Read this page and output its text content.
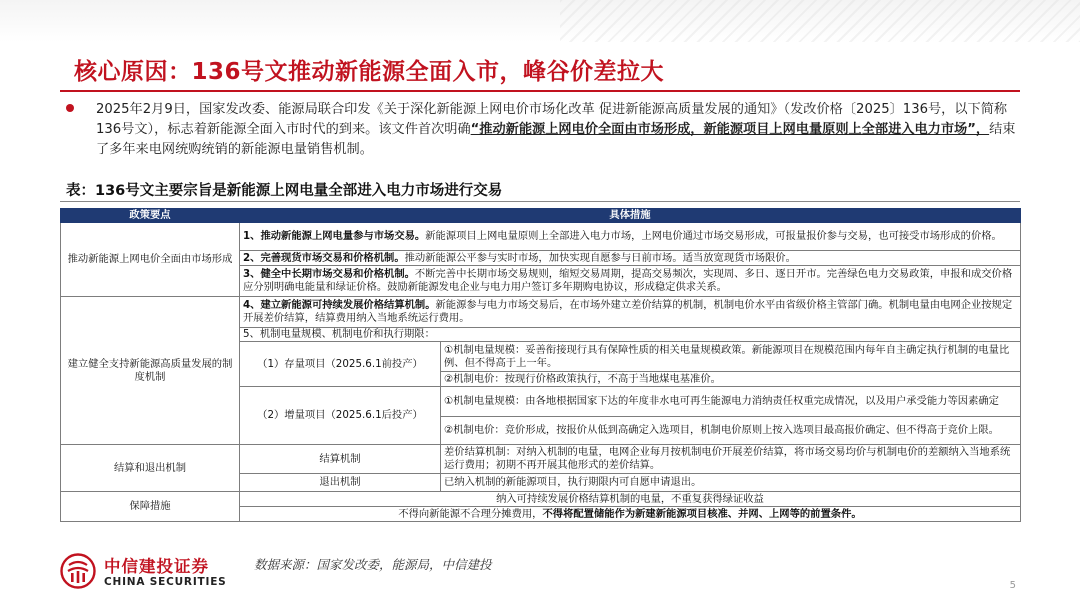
核心原因：136号文推动新能源全面入市，峰谷价差拉大

2025年2月9日，国家发改委、能源局联合印发《关于深化新能源上网电价市场化改革 促进新能源高质量发展的通知》（发改价格〔2025〕136号，以下简称136号文），标志着新能源全面入市时代的到来。该文件首次明确“推动新能源上网电价全面由市场形成，新能源项目上网电量原则上全部进入电力市场”，结束了多年来电网统购统销的新能源电量销售机制。

表：136号文主要宗旨是新能源上网电量全部进入电力市场进行交易
政策要点	具体措施	
推动新能源上网电价全面由市场形成	1、推动新能源上网电量参与市场交易。新能源项目上网电量原则上全部进入电力市场，上网电价通过市场交易形成，可报量报价参与交易，也可接受市场形成的价格。	
	2、完善现货市场交易和价格机制。推动新能源公平参与实时市场，加快实现自愿参与日前市场。适当放宽现货市场限价。	
	3、健全中长期市场交易和价格机制。不断完善中长期市场交易规则，缩短交易周期，提高交易频次，实现周、多日、逐日开市。完善绿色电力交易政策，申报和成交价格应分别明确电能量和绿证价格。鼓励新能源发电企业与电力用户签订多年期购电协议，形成稳定供求关系。	
建立健全支持新能源高质量发展的制度机制	4、建立新能源可持续发展价格结算机制。新能源参与电力市场交易后，在市场外建立差价结算的机制，机制电价水平由省级价格主管部门确。机制电量由电网企业按规定开展差价结算，结算费用纳入当地系统运行费用。	
	5、机制电量规模、机制电价和执行期限：	
	（1）存量项目（2025.6.1前投产）	①机制电量规模：妥善衔接现行具有保障性质的相关电量规模政策。新能源项目在规模范围内每年自主确定执行机制的电量比例、但不得高于上一年。
		②机制电价：按现行价格政策执行，不高于当地煤电基准价。
	（2）增量项目（2025.6.1后投产）	①机制电量规模：由各地根据国家下达的年度非水电可再生能源电力消纳责任权重完成情况，以及用户承受能力等因素确定
		②机制电价：竞价形成，按报价从低到高确定入选项目，机制电价原则上按入选项目最高报价确定、但不得高于竞价上限。
结算和退出机制	结算机制	差价结算机制：对纳入机制的电量，电网企业每月按机制电价开展差价结算，将市场交易均价与机制电价的差额纳入当地系统运行费用；初期不再开展其他形式的差价结算。
	退出机制	已纳入机制的新能源项目，执行期限内可自愿申请退出。
保障措施	纳入可持续发展价格结算机制的电量，不重复获得绿证收益	
	不得向新能源不合理分摊费用，不得将配置储能作为新建新能源项目核准、并网、上网等的前置条件。	
中信建投证券
CHINA SECURITIES
数据来源：国家发改委，能源局，中信建投
5
